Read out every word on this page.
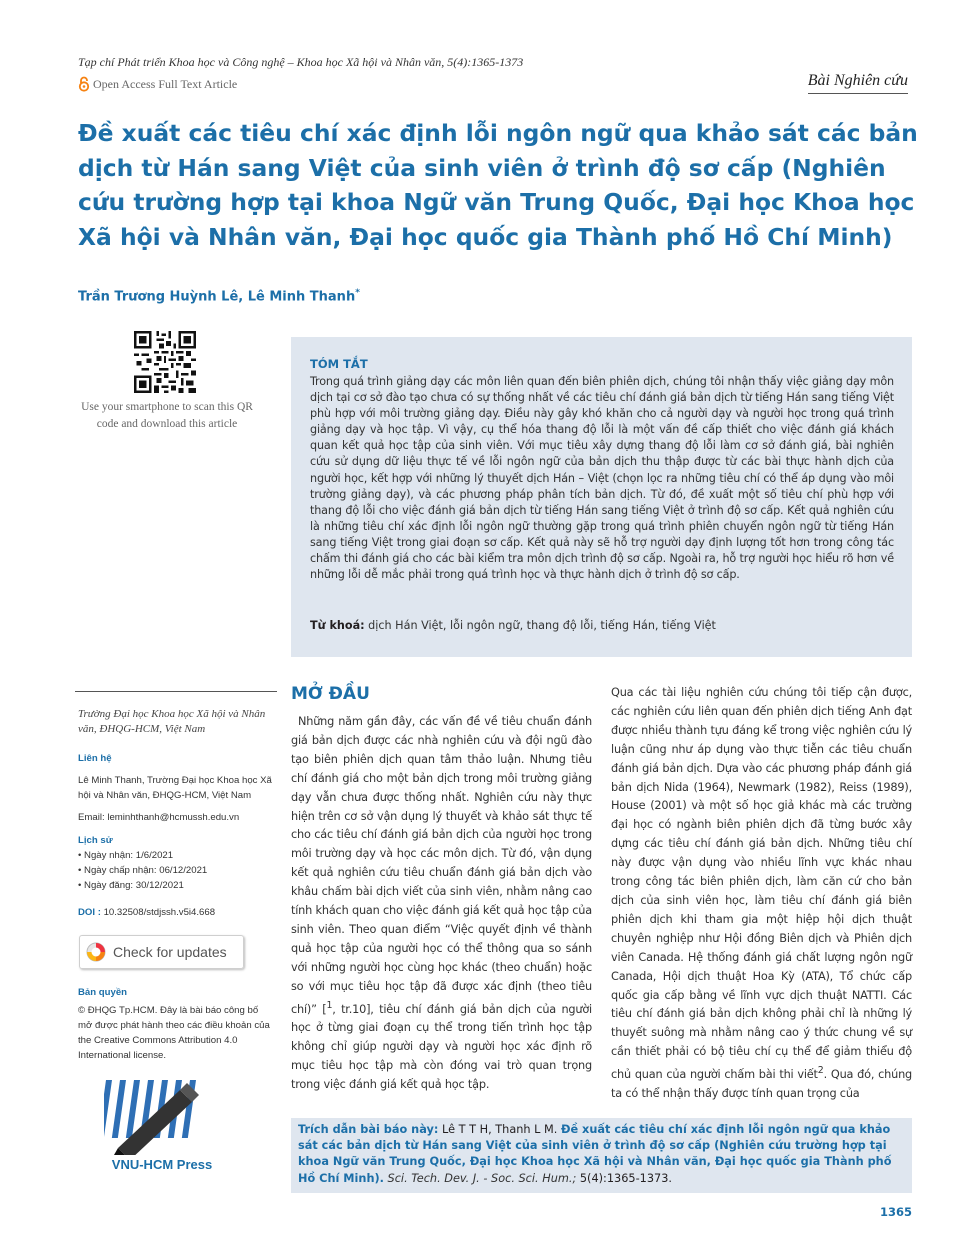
Tạp chí Phát triển Khoa học và Công nghệ – Khoa học Xã hội và Nhân văn, 5(4):1365-1373
Open Access Full Text Article	Bài Nghiên cứu
Đề xuất các tiêu chí xác định lỗi ngôn ngữ qua khảo sát các bản dịch từ Hán sang Việt của sinh viên ở trình độ sơ cấp (Nghiên cứu trường hợp tại khoa Ngữ văn Trung Quốc, Đại học Khoa học Xã hội và Nhân văn, Đại học quốc gia Thành phố Hồ Chí Minh)
Trần Trương Huỳnh Lê, Lê Minh Thanh*
Use your smartphone to scan this QR code and download this article
TÓM TẮT
Trong quá trình giảng dạy các môn liên quan đến biên phiên dịch, chúng tôi nhận thấy việc giảng dạy môn dịch tại cơ sở đào tạo chưa có sự thống nhất về các tiêu chí đánh giá bản dịch từ tiếng Hán sang tiếng Việt phù hợp với môi trường giảng dạy. Điều này gây khó khăn cho cả người dạy và người học trong quá trình giảng dạy và học tập. Vì vậy, cụ thể hóa thang độ lỗi là một vấn đề cấp thiết cho việc đánh giá khách quan kết quả học tập của sinh viên. Với mục tiêu xây dựng thang độ lỗi làm cơ sở đánh giá, bài nghiên cứu sử dụng dữ liệu thực tế về lỗi ngôn ngữ của bản dịch thu thập được từ các bài thực hành dịch của người học, kết hợp với những lý thuyết dịch Hán – Việt (chọn lọc ra những tiêu chí có thể áp dụng vào môi trường giảng dạy), và các phương pháp phân tích bản dịch. Từ đó, đề xuất một số tiêu chí phù hợp với thang độ lỗi cho việc đánh giá bản dịch từ tiếng Hán sang tiếng Việt ở trình độ sơ cấp. Kết quả nghiên cứu là những tiêu chí xác định lỗi ngôn ngữ thường gặp trong quá trình phiên chuyển ngôn ngữ từ tiếng Hán sang tiếng Việt trong giai đoạn sơ cấp. Kết quả này sẽ hỗ trợ người dạy định lượng tốt hơn trong công tác chấm thi đánh giá cho các bài kiểm tra môn dịch trình độ sơ cấp. Ngoài ra, hỗ trợ người học hiểu rõ hơn về những lỗi dễ mắc phải trong quá trình học và thực hành dịch ở trình độ sơ cấp.
Từ khoá: dịch Hán Việt, lỗi ngôn ngữ, thang độ lỗi, tiếng Hán, tiếng Việt
Trường Đại học Khoa học Xã hội và Nhân văn, ĐHQG-HCM, Việt Nam
Liên hệ
Lê Minh Thanh, Trường Đại học Khoa học Xã hội và Nhân văn, ĐHQG-HCM, Việt Nam
Email: leminhthanh@hcmussh.edu.vn
Lịch sử
• Ngày nhận: 1/6/2021
• Ngày chấp nhận: 06/12/2021
• Ngày đăng: 30/12/2021
DOI : 10.32508/stdjssh.v5i4.668
Check for updates
Bản quyền
© ĐHQG Tp.HCM. Đây là bài báo công bố mở được phát hành theo các điều khoản của the Creative Commons Attribution 4.0 International license.
VNU-HCM Press
MỞ ĐẦU
Những năm gần đây, các vấn đề về tiêu chuẩn đánh giá bản dịch được các nhà nghiên cứu và đội ngũ đào tạo biên phiên dịch quan tâm thảo luận. Nhưng tiêu chí đánh giá cho một bản dịch trong môi trường giảng dạy vẫn chưa được thống nhất. Nghiên cứu này thực hiện trên cơ sở vận dụng lý thuyết và khảo sát thực tế cho các tiêu chí đánh giá bản dịch của người học trong môi trường dạy và học các môn dịch. Từ đó, vận dụng kết quả nghiên cứu tiêu chuẩn đánh giá bản dịch vào khâu chấm bài dịch viết của sinh viên, nhằm nâng cao tính khách quan cho việc đánh giá kết quả học tập của sinh viên. Theo quan điểm “Việc quyết định về thành quả học tập của người học có thể thông qua so sánh với những người học cùng học khác (theo chuẩn) hoặc so với mục tiêu học tập đã được xác định (theo tiêu chí)” [$^1$, tr.10], tiêu chí đánh giá bản dịch của người học ở từng giai đoạn cụ thể trong tiến trình học tập không chỉ giúp người dạy và người học xác định rõ mục tiêu học tập mà còn đóng vai trò quan trọng trong việc đánh giá kết quả học tập.
Qua các tài liệu nghiên cứu chúng tôi tiếp cận được, các nghiên cứu liên quan đến phiên dịch tiếng Anh đạt được nhiều thành tựu đáng kể trong việc nghiên cứu lý luận cũng như áp dụng vào thực tiễn các tiêu chuẩn đánh giá bản dịch. Dựa vào các phương pháp đánh giá bản dịch Nida (1964), Newmark (1982), Reiss (1989), House (2001) và một số học giả khác mà các trường đại học có ngành biên phiên dịch đã từng bước xây dựng các tiêu chí đánh giá bản dịch. Những tiêu chí này được vận dụng vào nhiều lĩnh vực khác nhau trong công tác biên phiên dịch, làm căn cứ cho bản dịch của sinh viên học, làm tiêu chí đánh giá biên phiên dịch khi tham gia một hiệp hội dịch thuật chuyên nghiệp như Hội đồng Biên dịch và Phiên dịch viên Canada. Hệ thống đánh giá chất lượng ngôn ngữ Canada, Hội dịch thuật Hoa Kỳ (ATA), Tổ chức cấp quốc gia cấp bằng về lĩnh vực dịch thuật NATTI. Các tiêu chí đánh giá bản dịch không phải chỉ là những lý thuyết suông mà nhằm nâng cao ý thức chung về sự cần thiết phải có bộ tiêu chí cụ thể để giảm thiểu độ chủ quan của người chấm bài thi viết$^2$. Qua đó, chúng ta có thể nhận thấy được tính quan trọng của
Trích dẫn bài báo này: Lê T T H, Thanh L M. Đề xuất các tiêu chí xác định lỗi ngôn ngữ qua khảo sát các bản dịch từ Hán sang Việt của sinh viên ở trình độ sơ cấp (Nghiên cứu trường hợp tại khoa Ngữ văn Trung Quốc, Đại học Khoa học Xã hội và Nhân văn, Đại học quốc gia Thành phố Hồ Chí Minh). Sci. Tech. Dev. J. - Soc. Sci. Hum.; 5(4):1365-1373.
1365
